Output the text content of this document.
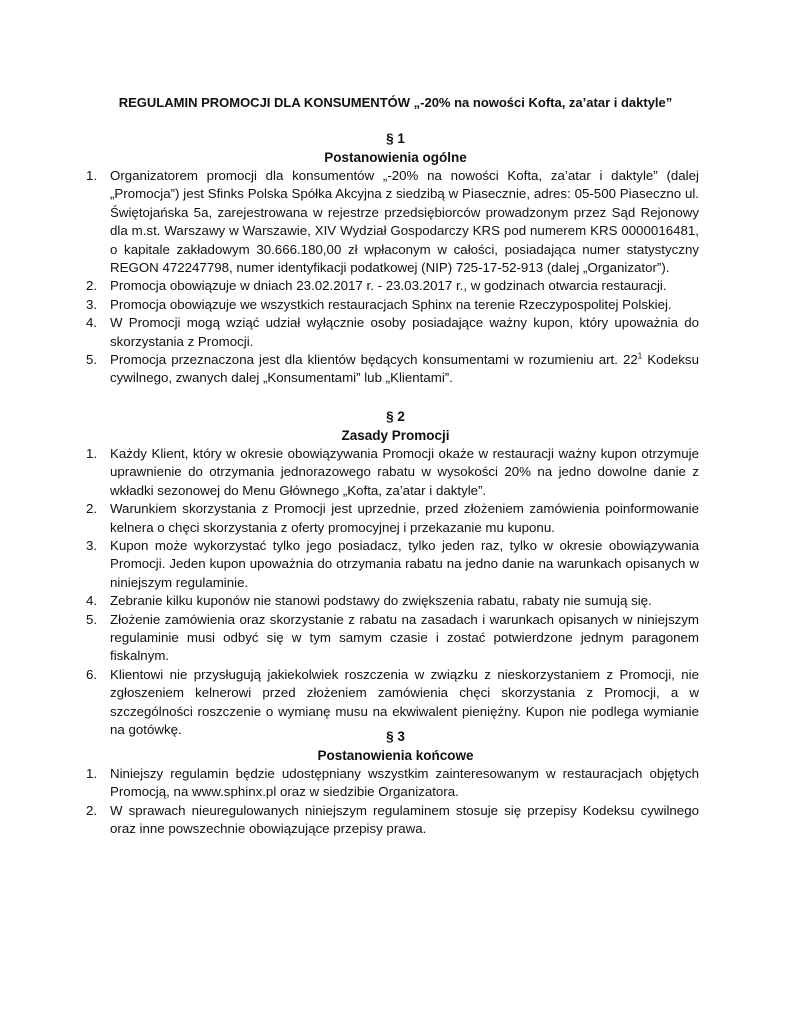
REGULAMIN PROMOCJI DLA KONSUMENTÓW „-20% na nowości Kofta, za’atar i daktyle”

§ 1

Postanowienia ogólne

1. Organizatorem promocji dla konsumentów „-20% na nowości Kofta, za’atar i daktyle” (dalej „Promocja”) jest Sfinks Polska Spółka Akcyjna z siedzibą w Piasecznie, adres: 05-500 Piaseczno ul. Świętojańska 5a, zarejestrowana w rejestrze przedsiębiorców prowadzonym przez Sąd Rejonowy dla m.st. Warszawy w Warszawie, XIV Wydział Gospodarczy KRS pod numerem KRS 0000016481, o kapitale zakładowym 30.666.180,00 zł wpłaconym w całości, posiadająca numer statystyczny REGON 472247798, numer identyfikacji podatkowej (NIP) 725-17-52-913 (dalej „Organizator”).
2. Promocja obowiązuje w dniach 23.02.2017 r. - 23.03.2017 r., w godzinach otwarcia restauracji.
3. Promocja obowiązuje we wszystkich restauracjach Sphinx na terenie Rzeczypospolitej Polskiej.
4. W Promocji mogą wziąć udział wyłącznie osoby posiadające ważny kupon, który upoważnia do skorzystania z Promocji.
5. Promocja przeznaczona jest dla klientów będących konsumentami w rozumieniu art. $22^1$ Kodeksu cywilnego, zwanych dalej „Konsumentami” lub „Klientami”.

§ 2

Zasady Promocji

1. Każdy Klient, który w okresie obowiązywania Promocji okaże w restauracji ważny kupon otrzymuje uprawnienie do otrzymania jednorazowego rabatu w wysokości 20% na jedno dowolne danie z wkładki sezonowej do Menu Głównego „Kofta, za’atar i daktyle”.
2. Warunkiem skorzystania z Promocji jest uprzednie, przed złożeniem zamówienia poinformowanie kelnera o chęci skorzystania z oferty promocyjnej i przekazanie mu kuponu.
3. Kupon może wykorzystać tylko jego posiadacz, tylko jeden raz, tylko w okresie obowiązywania Promocji. Jeden kupon upoważnia do otrzymania rabatu na jedno danie na warunkach opisanych w niniejszym regulaminie.
4. Zebranie kilku kuponów nie stanowi podstawy do zwiększenia rabatu, rabaty nie sumują się.
5. Złożenie zamówienia oraz skorzystanie z rabatu na zasadach i warunkach opisanych w niniejszym regulaminie musi odbyć się w tym samym czasie i zostać potwierdzone jednym paragonem fiskalnym.
6. Klientowi nie przysługują jakiekolwiek roszczenia w związku z nieskorzystaniem z Promocji, nie zgłoszeniem kelnerowi przed złożeniem zamówienia chęci skorzystania z Promocji, a w szczególności roszczenie o wymianę musu na ekwiwalent pieniężny. Kupon nie podlega wymianie na gotówkę.	§ 3

Postanowienia końcowe

1. Niniejszy regulamin będzie udostępniany wszystkim zainteresowanym w restauracjach objętych Promocją, na www.sphinx.pl oraz w siedzibie Organizatora.
2. W sprawach nieuregulowanych niniejszym regulaminem stosuje się przepisy Kodeksu cywilnego oraz inne powszechnie obowiązujące przepisy prawa.
